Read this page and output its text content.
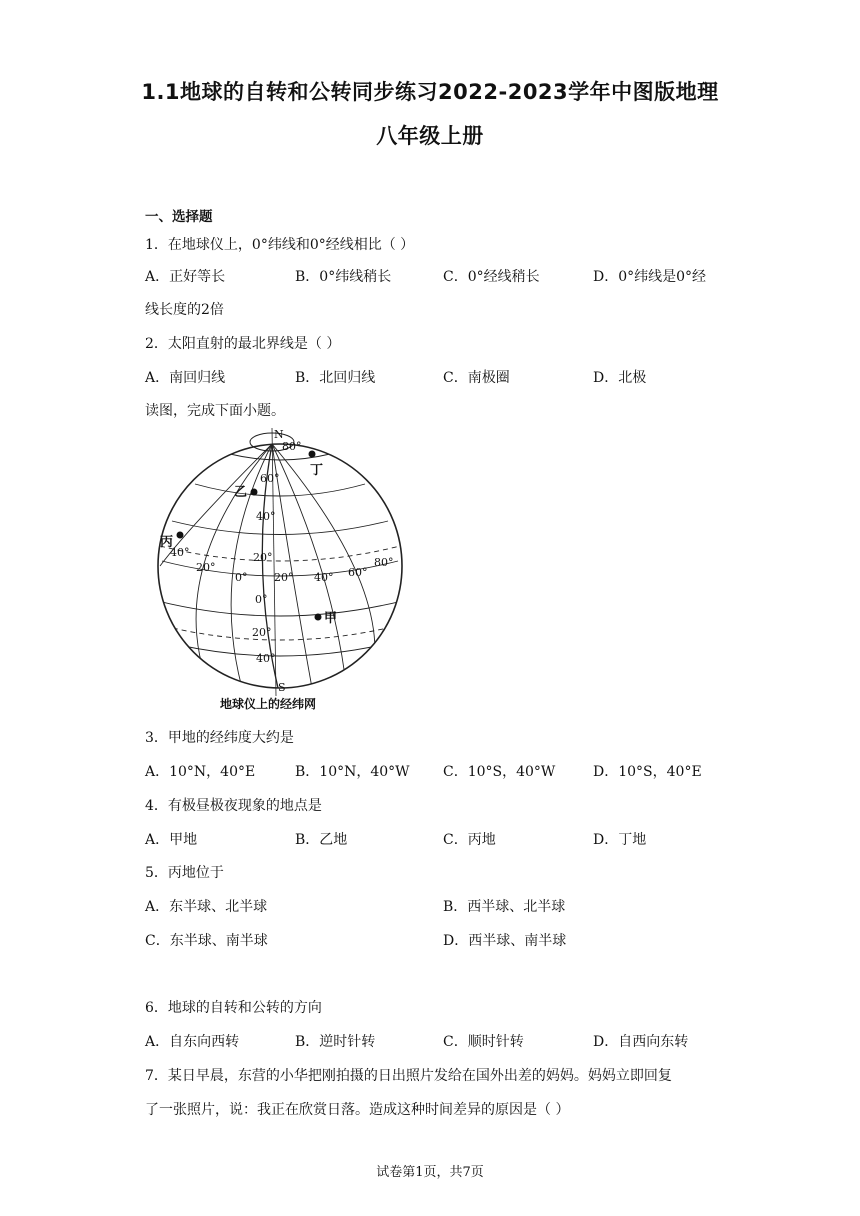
1.1地球的自转和公转同步练习2022-2023学年中图版地理
八年级上册
一、选择题
1．在地球仪上，0°纬线和0°经线相比（ ）
A．正好等长	B．0°纬线稍长	C．0°经线稍长	D．0°纬线是0°经
线长度的2倍
2．太阳直射的最北界线是（ ）
A．南回归线	B．北回归线	C．南极圈	D．北极
读图，完成下面小题。
N
S
80°
60°
40°
20°
0°
20°
40°
40°
20°
0° 20° 40° 60°
80°
丁
乙
丙
甲
地球仪上的经纬网
3．甲地的经纬度大约是
A．10°N，40°E	B．10°N，40°W C．10°S，40°W	D．10°S，40°E
4．有极昼极夜现象的地点是
A．甲地	B．乙地	C．丙地	D．丁地
5．丙地位于
A．东半球、北半球	B．西半球、北半球
C．东半球、南半球	D．西半球、南半球
6．地球的自转和公转的方向
A．自东向西转	B．逆时针转	C．顺时针转	D．自西向东转
7．某日早晨，东营的小华把刚拍摄的日出照片发给在国外出差的妈妈。妈妈立即回复
了一张照片，说：我正在欣赏日落。造成这种时间差异的原因是（ ）
试卷第1页，共7页
